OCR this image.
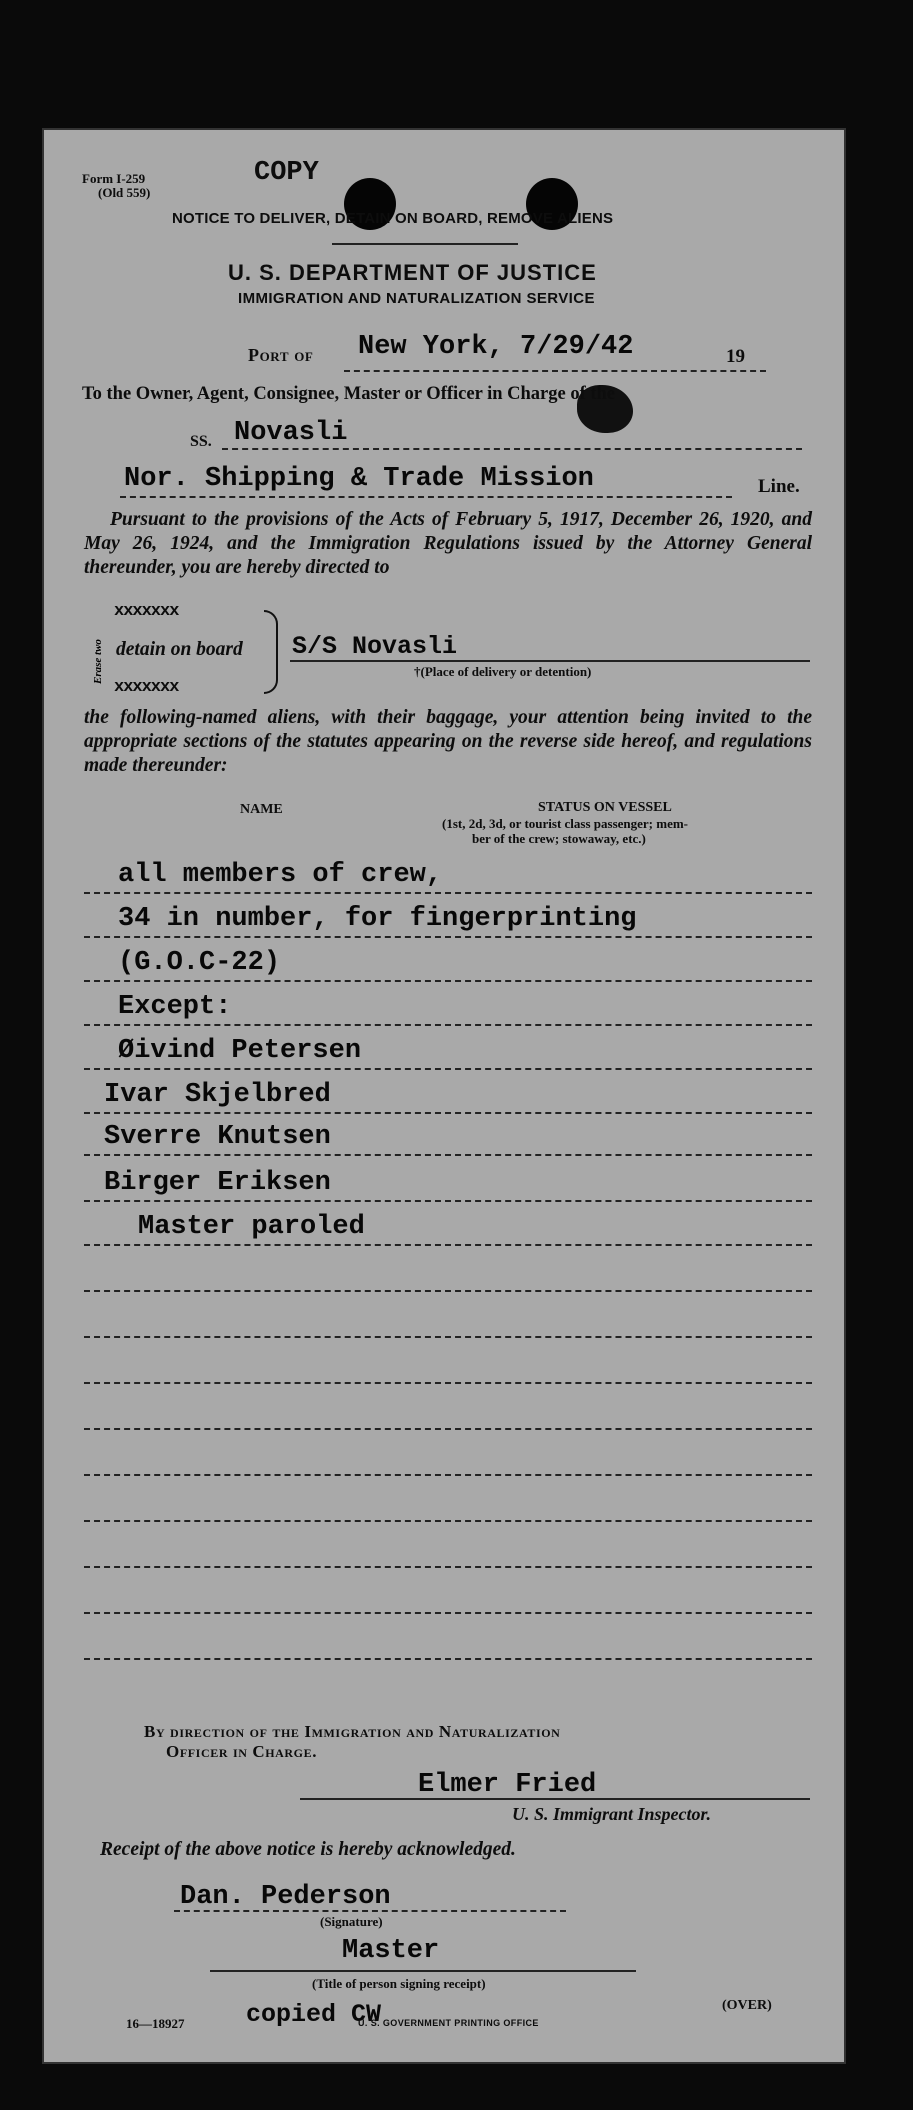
Form I-259
(Old 559)
COPY
NOTICE TO DELIVER, DETAIN ON BOARD, REMOVE ALIENS
U. S. DEPARTMENT OF JUSTICE
IMMIGRATION AND NATURALIZATION SERVICE
Port of New York, 7/29/42	19
To the Owner, Agent, Consignee, Master or Officer in Charge of the
SS. Novasli
Nor. Shipping & Trade Mission	Line.
Pursuant to the provisions of the Acts of February 5, 1917, December 26, 1920, and May 26, 1924, and the Immigration Regulations issued by the Attorney General thereunder, you are hereby directed to
Erase two
xxxxxxx
detain on board
xxxxxxx
S/S Novasli
†(Place of delivery or detention)
the following-named aliens, with their baggage, your attention being invited to the appropriate sections of the statutes appearing on the reverse side hereof, and regulations made thereunder:
NAME	STATUS ON VESSEL
(1st, 2d, 3d, or tourist class passenger; mem-
ber of the crew; stowaway, etc.)
all members of crew,
34 in number, for fingerprinting
(G.O.C-22)
Except:
Øivind Petersen
Ivar Skjelbred
Sverre Knutsen
Birger Eriksen
Master paroled
By direction of the Immigration and Naturalization
Officer in Charge.
Elmer Fried
U. S. Immigrant Inspector.
Receipt of the above notice is hereby acknowledged.
Dan. Pederson
(Signature)
Master
(Title of person signing receipt)
16—18927 copied CW
U. S. GOVERNMENT PRINTING OFFICE
(OVER)
